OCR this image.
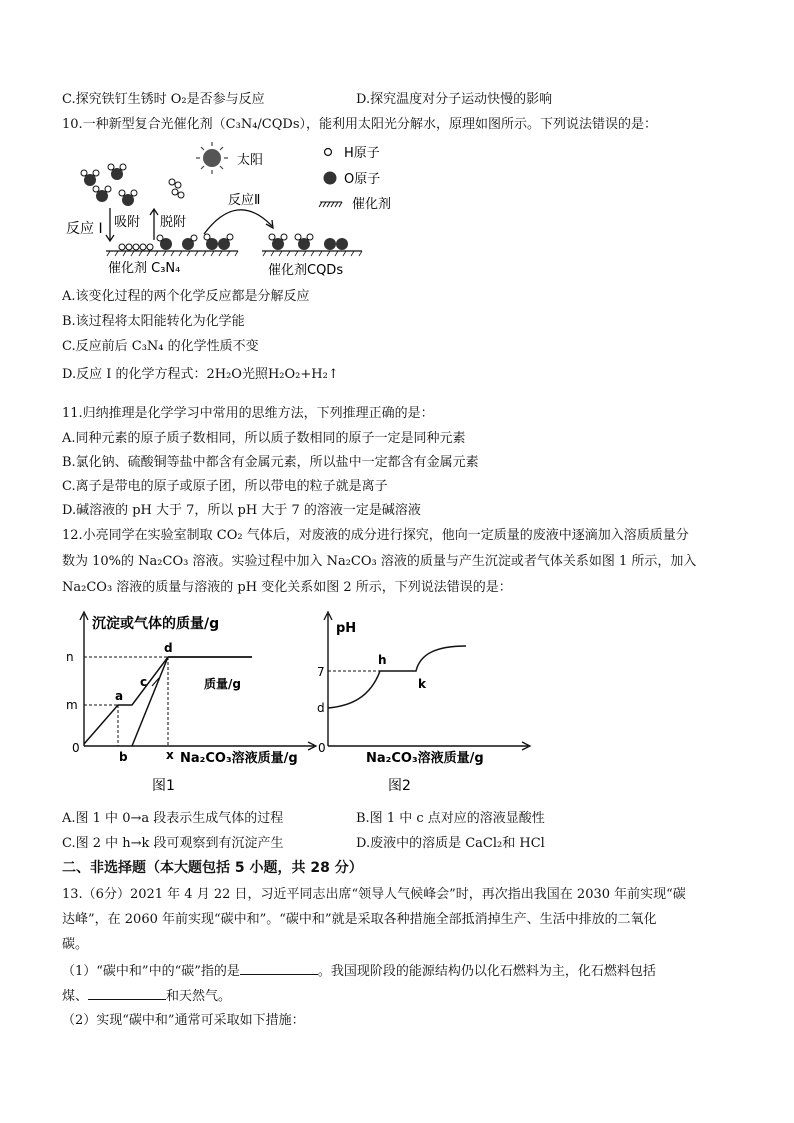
C.探究铁钉生锈时 O₂是否参与反应	D.探究温度对分子运动快慢的影响
10.一种新型复合光催化剂（C₃N₄/CQDs），能利用太阳光分解水，原理如图所示。下列说法错误的是：
太阳	H原子
O原子
催化剂
反应 I 吸附 脱附
反应Ⅱ
催化剂 C₃N₄	催化剂CQDs
A.该变化过程的两个化学反应都是分解反应
B.该过程将太阳能转化为化学能
C.反应前后 C₃N₄ 的化学性质不变
D.反应 I 的化学方程式：2H₂O光照H₂O₂+H₂↑
11.归纳推理是化学学习中常用的思维方法，下列推理正确的是：
A.同种元素的原子质子数相同，所以质子数相同的原子一定是同种元素
B.氯化钠、硫酸铜等盐中都含有金属元素，所以盐中一定都含有金属元素
C.离子是带电的原子或原子团，所以带电的粒子就是离子
D.碱溶液的 pH 大于 7，所以 pH 大于 7 的溶液一定是碱溶液
12.小亮同学在实验室制取 CO₂ 气体后，对废液的成分进行探究，他向一定质量的废液中逐滴加入溶质质量分
数为 10%的 Na₂CO₃ 溶液。实验过程中加入 Na₂CO₃ 溶液的质量与产生沉淀或者气体关系如图 1 所示，加入
Na₂CO₃ 溶液的质量与溶液的 pH 变化关系如图 2 所示，下列说法错误的是：
沉淀或气体的质量/g
n
m
0
a
b
c
d
x
质量/g
Na₂CO₃溶液质量/g
图1
pH
7
d
0
h
k
Na₂CO₃溶液质量/g
图2
A.图 1 中 0→a 段表示生成气体的过程	B.图 1 中 c 点对应的溶液显酸性
C.图 2 中 h→k 段可观察到有沉淀产生	D.废液中的溶质是 CaCl₂和 HCl
二、非选择题（本大题包括 5 小题，共 28 分）
13.（6分）2021 年 4 月 22 日，习近平同志出席“领导人气候峰会”时，再次指出我国在 2030 年前实现“碳
达峰”，在 2060 年前实现“碳中和”。“碳中和”就是采取各种措施全部抵消掉生产、生活中排放的二氧化
碳。
（1）“碳中和”中的“碳”指的是	。我国现阶段的能源结构仍以化石燃料为主，化石燃料包括
煤、	和天然气。
（2）实现“碳中和”通常可采取如下措施：
